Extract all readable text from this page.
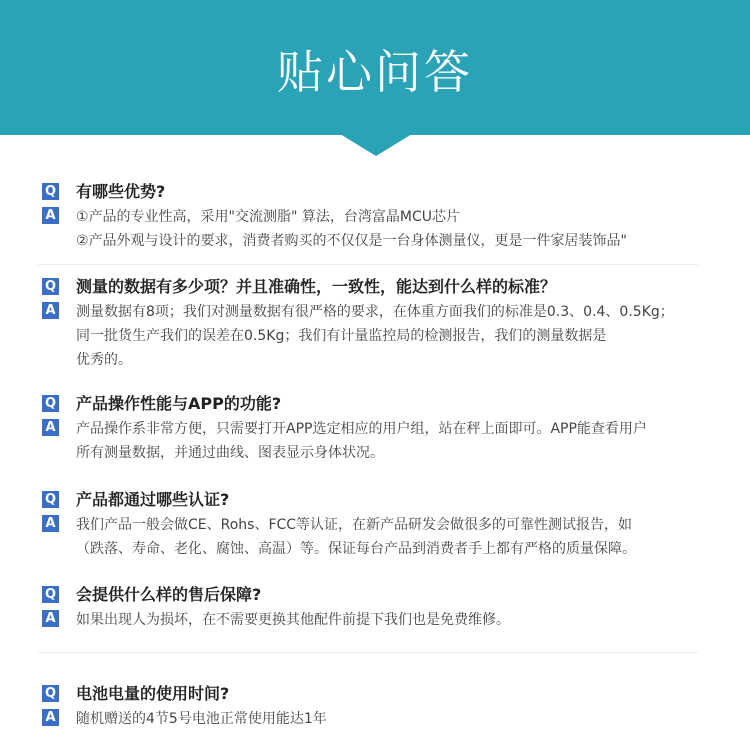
贴心问答
Q 有哪些优势?
A ①产品的专业性高，采用"交流测脂" 算法，台湾富晶MCU芯片
②产品外观与设计的要求，消费者购买的不仅仅是一台身体测量仪，更是一件家居装饰品"
Q 测量的数据有多少项？并且准确性，一致性，能达到什么样的标准？
A 测量数据有8项；我们对测量数据有很严格的要求，在体重方面我们的标准是0.3、0.4、0.5Kg；
同一批货生产我们的误差在0.5Kg；我们有计量监控局的检测报告，我们的测量数据是
优秀的。
Q 产品操作性能与APP的功能?
A 产品操作系非常方便，只需要打开APP选定相应的用户组，站在秤上面即可。APP能查看用户
所有测量数据，并通过曲线、图表显示身体状况。
Q 产品都通过哪些认证?
A 我们产品一般会做CE、Rohs、FCC等认证，在新产品研发会做很多的可靠性测试报告，如
（跌落、寿命、老化、腐蚀、高温）等。保证每台产品到消费者手上都有严格的质量保障。
Q 会提供什么样的售后保障?
A 如果出现人为损坏，在不需要更换其他配件前提下我们也是免费维修。
Q 电池电量的使用时间?
A 随机赠送的4节5号电池正常使用能达1年
